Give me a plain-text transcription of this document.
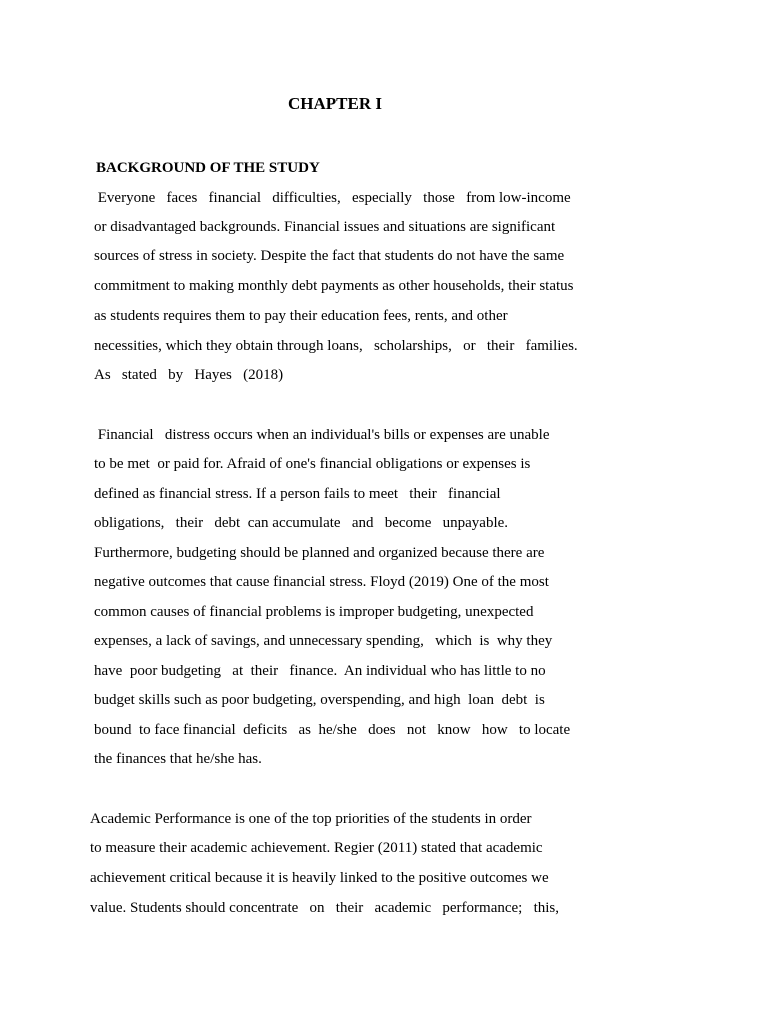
CHAPTER I
BACKGROUND OF THE STUDY
Everyone   faces   financial   difficulties,   especially   those   from low-income
or disadvantaged backgrounds. Financial issues and situations are significant
sources of stress in society. Despite the fact that students do not have the same
commitment to making monthly debt payments as other households, their status
as students requires them to pay their education fees, rents, and other
necessities, which they obtain through loans,   scholarships,   or   their   families.
As   stated   by   Hayes   (2018)
Financial   distress occurs when an individual's bills or expenses are unable
to be met  or paid for. Afraid of one's financial obligations or expenses is
defined as financial stress. If a person fails to meet   their   financial
obligations,   their   debt  can accumulate   and   become   unpayable.
Furthermore, budgeting should be planned and organized because there are
negative outcomes that cause financial stress. Floyd (2019) One of the most
common causes of financial problems is improper budgeting, unexpected
expenses, a lack of savings, and unnecessary spending,   which  is  why they
have  poor budgeting   at  their   finance.  An individual who has little to no
budget skills such as poor budgeting, overspending, and high  loan  debt  is
bound  to face financial  deficits   as  he/she   does   not   know   how   to locate
the finances that he/she has.
Academic Performance is one of the top priorities of the students in order
to measure their academic achievement. Regier (2011) stated that academic
achievement critical because it is heavily linked to the positive outcomes we
value. Students should concentrate   on   their   academic   performance;   this,
